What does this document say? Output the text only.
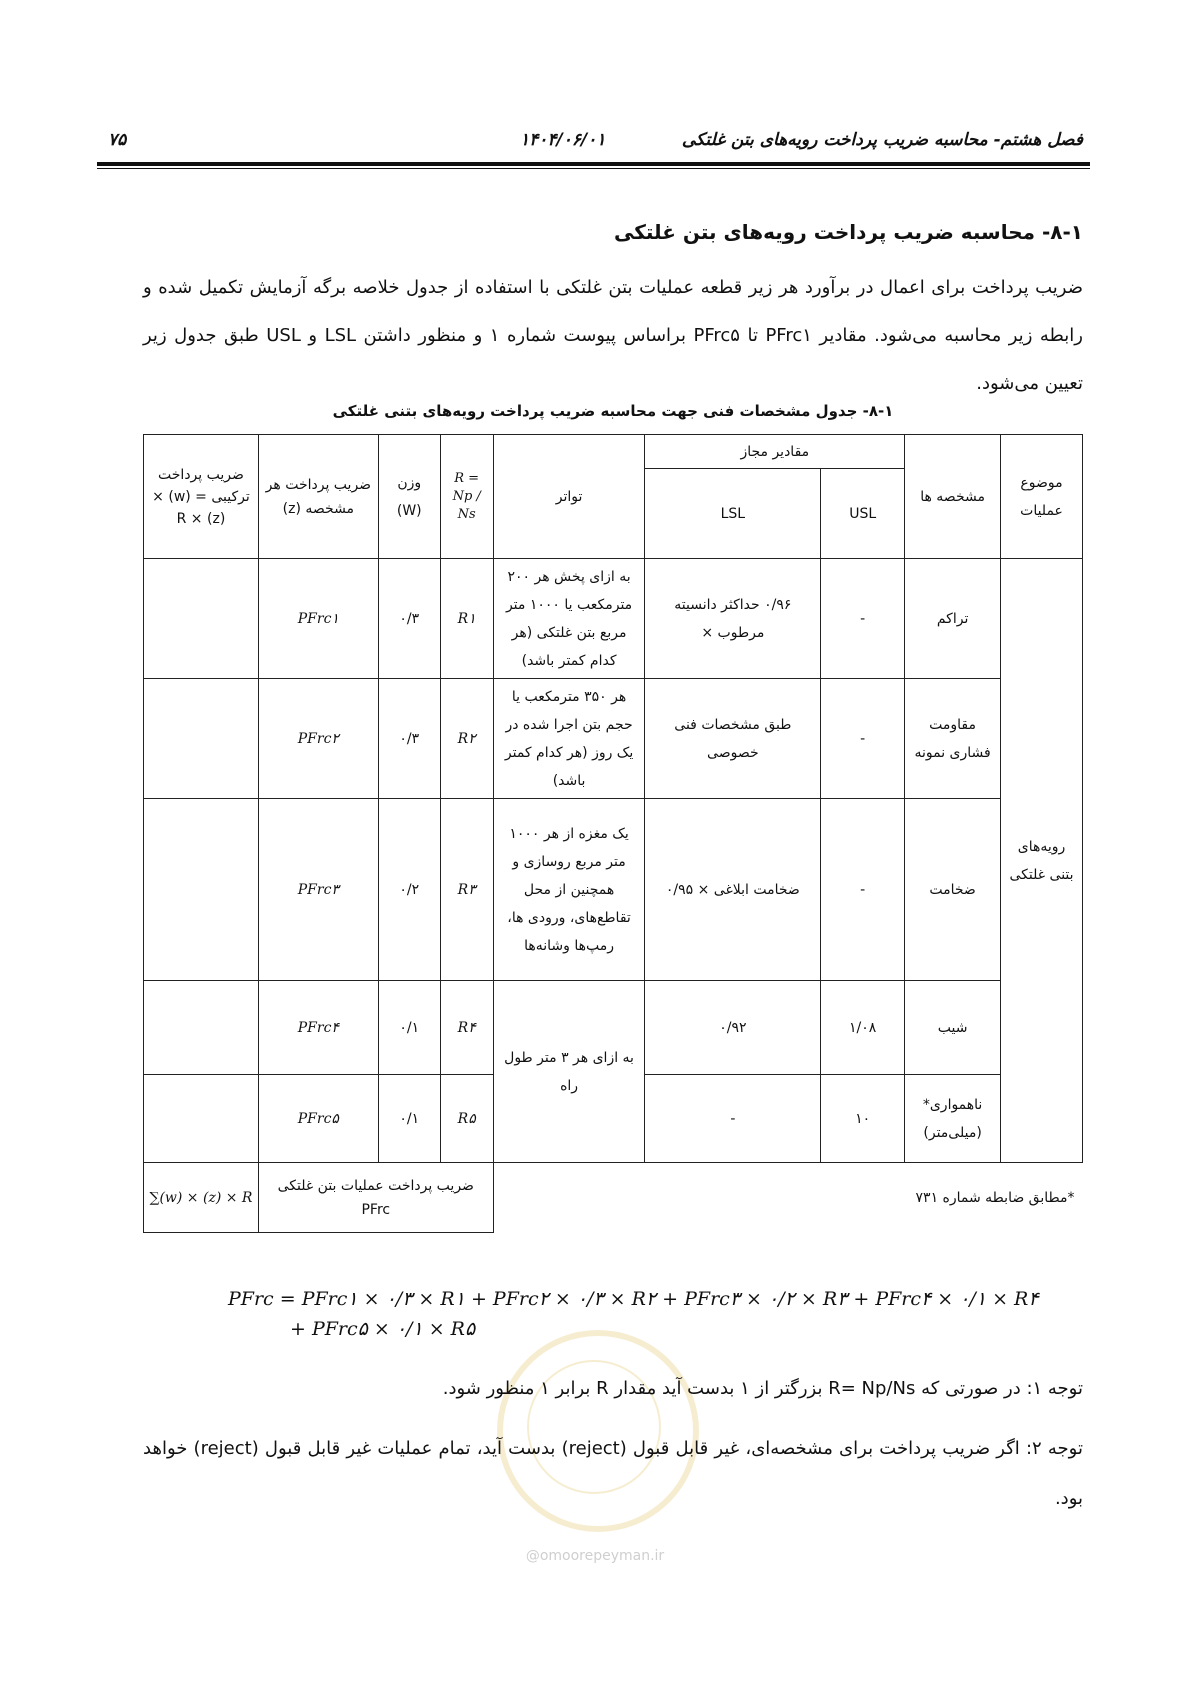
۷۵	۱۴۰۴/۰۶/۰۱	فصل هشتم- محاسبه ضریب پرداخت رویه‌های بتن غلتکی
۸-۱- محاسبه ضریب پرداخت رویه‌های بتن غلتکی
ضریب پرداخت برای اعمال در برآورد هر زیر قطعه عملیات بتن غلتکی با استفاده از جدول خلاصه برگه آزمایش تکمیل شده و رابطه زیر محاسبه می‌شود. مقادیر PFrc۱ تا PFrc۵ براساس پیوست شماره ۱ و منظور داشتن LSL و USL طبق جدول زیر تعیین می‌شود.
۸-۱- جدول مشخصات فنی جهت محاسبه ضریب پرداخت رویه‌های بتنی غلتکی
موضوع عملیات	مشخصه ها	مقادیر مجاز		تواتر	R = Np / Ns	وزن (W)	ضریب پرداخت هر مشخصه (z)	ضریب پرداخت ترکیبی = (w) × (z) × R
		USL	LSL					
رویه‌های بتنی غلتکی	تراکم	-	۰/۹۶ حداکثر دانسیته مرطوب ×	به ازای پخش هر ۲۰۰ مترمکعب یا ۱۰۰۰ متر مربع بتن غلتکی (هر کدام کمتر باشد)	R۱	۰/۳	PFrc۱	
	مقاومت فشاری نمونه	-	طبق مشخصات فنی خصوصی	هر ۳۵۰ مترمکعب یا حجم بتن اجرا شده در یک روز (هر کدام کمتر باشد)	R۲	۰/۳	PFrc۲	
	ضخامت	-	ضخامت ابلاغی × ۰/۹۵	یک مغزه از هر ۱۰۰۰ متر مربع روسازی و همچنین از محل تقاطع‌های، ورودی ها، رمپ‌ها وشانه‌ها	R۳	۰/۲	PFrc۳	
	شیب	۱/۰۸	۰/۹۲	به ازای هر ۳ متر طول راه	R۴	۰/۱	PFrc۴	
	ناهمواری* (میلی‌متر)	۱۰	-		R۵	۰/۱	PFrc۵	
*مطابق ضابطه شماره ۷۳۱					ضریب پرداخت عملیات بتن غلتکی PFrc			∑(w) × (z) × R
@omoorepeyman.ir
PFrc = PFrc۱ × ۰/۳ × R۱ + PFrc۲ × ۰/۳ × R۲ + PFrc۳ × ۰/۲ × R۳ + PFrc۴ × ۰/۱ × R۴
+ PFrc۵ × ۰/۱ × R۵
توجه ۱: در صورتی که R= Np/Ns بزرگتر از ۱ بدست آید مقدار R برابر ۱ منظور شود.
توجه ۲: اگر ضریب پرداخت برای مشخصه‌ای، غیر قابل قبول (reject) بدست آید، تمام عملیات غیر قابل قبول (reject) خواهد بود.
